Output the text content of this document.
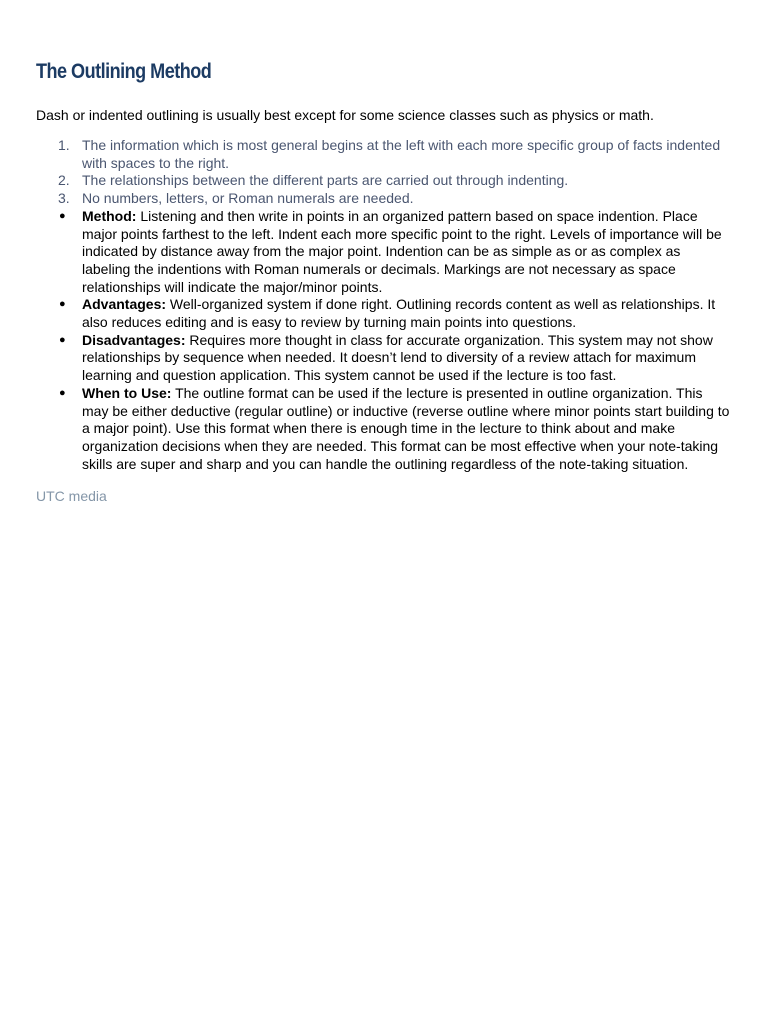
The Outlining Method

Dash or indented outlining is usually best except for some science classes such as physics or math.

1. The information which is most general begins at the left with each more specific group of facts indented with spaces to the right.
2. The relationships between the different parts are carried out through indenting.
3. No numbers, letters, or Roman numerals are needed.
●	Method: Listening and then write in points in an organized pattern based on space indention. Place major points farthest to the left. Indent each more specific point to the right. Levels of importance will be indicated by distance away from the major point. Indention can be as simple as or as complex as labeling the indentions with Roman numerals or decimals. Markings are not necessary as space relationships will indicate the major/minor points.
●	Advantages: Well-organized system if done right. Outlining records content as well as relationships. It also reduces editing and is easy to review by turning main points into questions.
●	Disadvantages: Requires more thought in class for accurate organization. This system may not show relationships by sequence when needed. It doesn’t lend to diversity of a review attach for maximum learning and question application. This system cannot be used if the lecture is too fast.
●	When to Use: The outline format can be used if the lecture is presented in outline organization. This may be either deductive (regular outline) or inductive (reverse outline where minor points start building to a major point). Use this format when there is enough time in the lecture to think about and make organization decisions when they are needed. This format can be most effective when your note-taking skills are super and sharp and you can handle the outlining regardless of the note-taking situation.

UTC media
